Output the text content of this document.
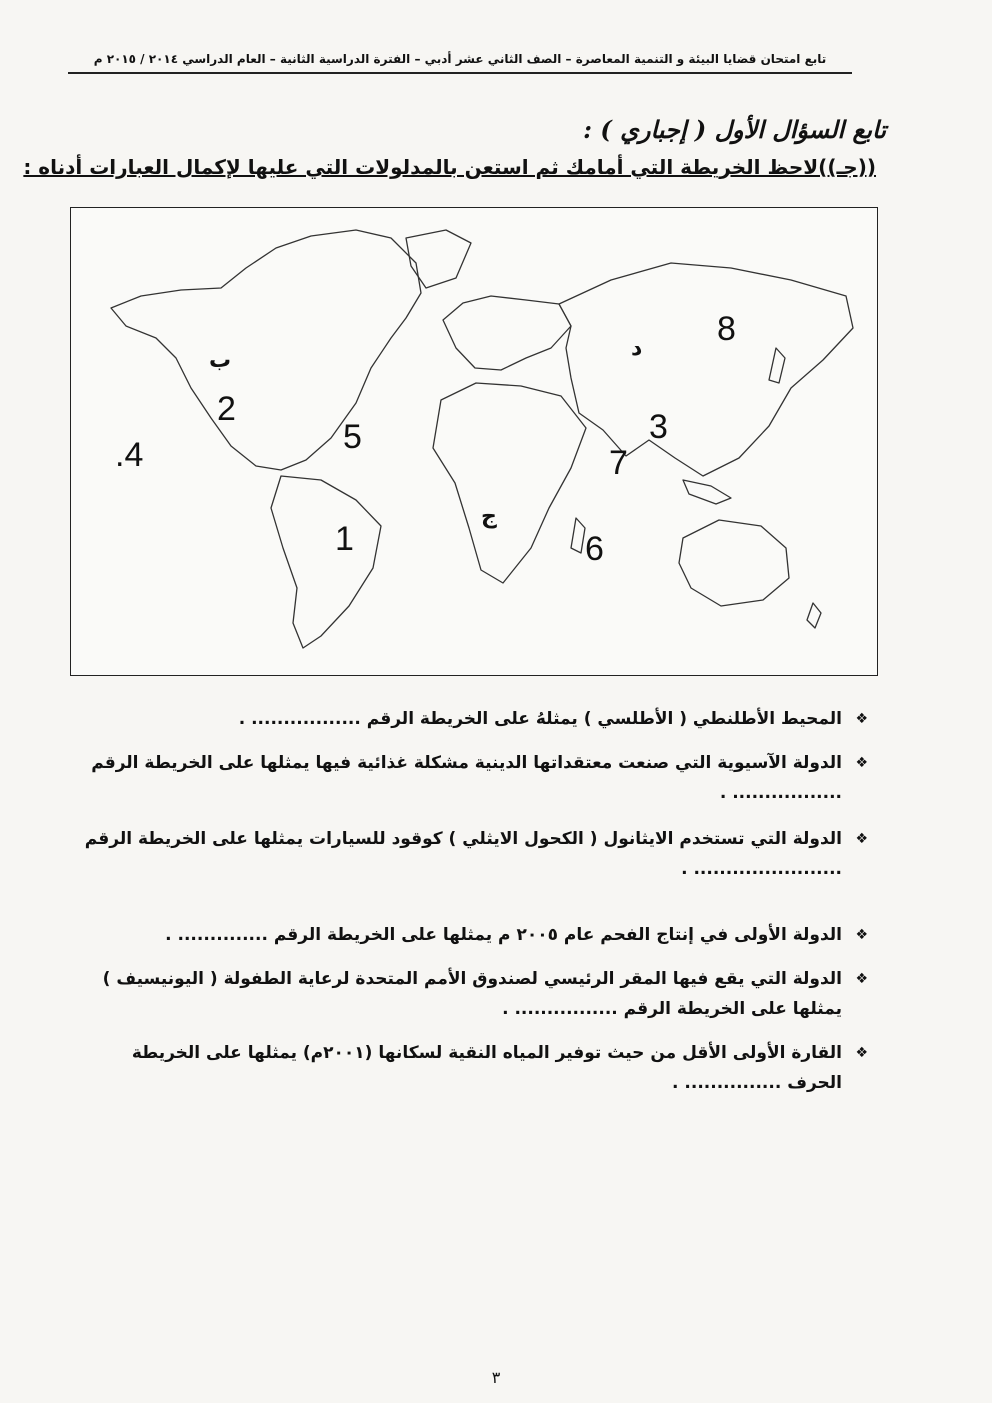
تابع امتحان قضايا البيئة و التنمية المعاصرة – الصف الثاني عشر أدبي – الفترة الدراسية الثانية – العام الدراسي ٢٠١٤ / ٢٠١٥ م
تابع السؤال الأول ( إجباري ) :
((جـ))لاحظ الخريطة التي أمامك ثم استعن بالمدلولات التي عليها لإكمال العبارات أدناه :
1
2	3
.4	5
6
7
8
ب
ج
د
❖
المحيط الأطلنطي ( الأطلسي ) يمثلهُ على الخريطة الرقم ................. .
❖
الدولة الآسيوية التي صنعت معتقداتها الدينية مشكلة غذائية فيها يمثلها على الخريطة الرقم
................. .
❖
الدولة التي تستخدم الايثانول ( الكحول الايثلي ) كوقود للسيارات يمثلها على الخريطة الرقم
....................... .
❖
الدولة الأولى في إنتاج الفحم عام ٢٠٠٥ م يمثلها على الخريطة الرقم .............. .
❖
الدولة التي يقع فيها المقر الرئيسي لصندوق الأمم المتحدة لرعاية الطفولة ( اليونيسيف )
يمثلها على الخريطة الرقم ................ .
❖
القارة الأولى الأقل من حيث توفير المياه النقية لسكانها (٢٠٠١م) يمثلها على الخريطة
الحرف ............... .
٣
